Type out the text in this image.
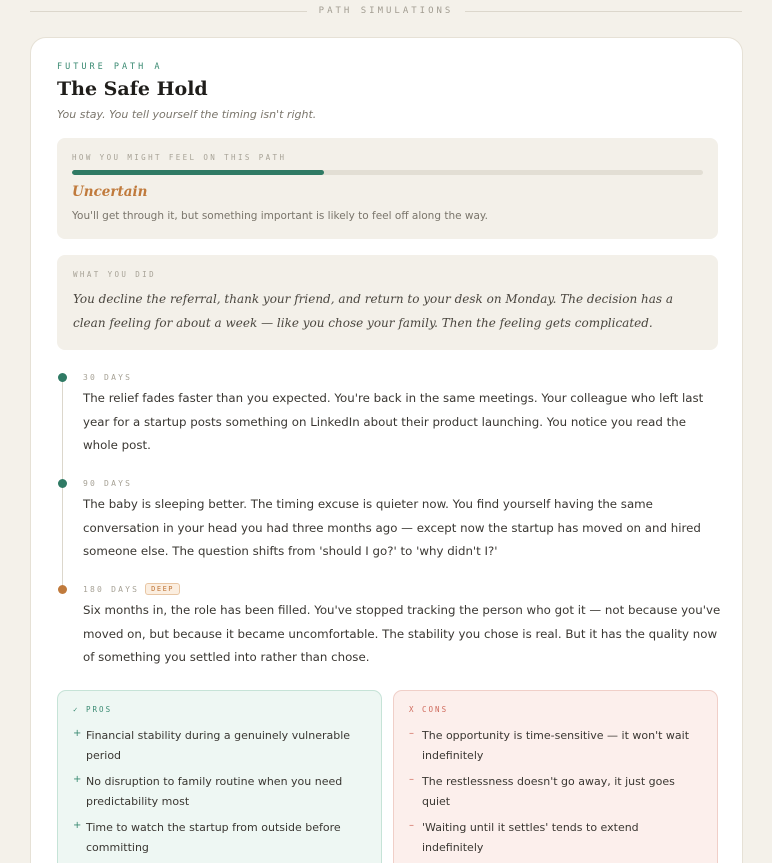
PATH SIMULATIONS
FUTURE PATH A
The Safe Hold
You stay. You tell yourself the timing isn't right.
HOW YOU MIGHT FEEL ON THIS PATH
Uncertain
You'll get through it, but something important is likely to feel off along the way.
WHAT YOU DID
You decline the referral, thank your friend, and return to your desk on Monday. The decision has a clean feeling for about a week — like you chose your family. Then the feeling gets complicated.
30 DAYS
The relief fades faster than you expected. You're back in the same meetings. Your colleague who left last year for a startup posts something on LinkedIn about their product launching. You notice you read the whole post.
90 DAYS
The baby is sleeping better. The timing excuse is quieter now. You find yourself having the same conversation in your head you had three months ago — except now the startup has moved on and hired someone else. The question shifts from 'should I go?' to 'why didn't I?'
180 DAYS	DEEP
Six months in, the role has been filled. You've stopped tracking the person who got it — not because you've moved on, but because it became uncomfortable. The stability you chose is real. But it has the quality now of something you settled into rather than chose.
✓ PROS
+ Financial stability during a genuinely vulnerable period
+ No disruption to family routine when you need predictability most
+ Time to watch the startup from outside before committing
X CONS
– The opportunity is time-sensitive — it won't wait indefinitely
– The restlessness doesn't go away, it just goes quiet
– 'Waiting until it settles' tends to extend indefinitely
